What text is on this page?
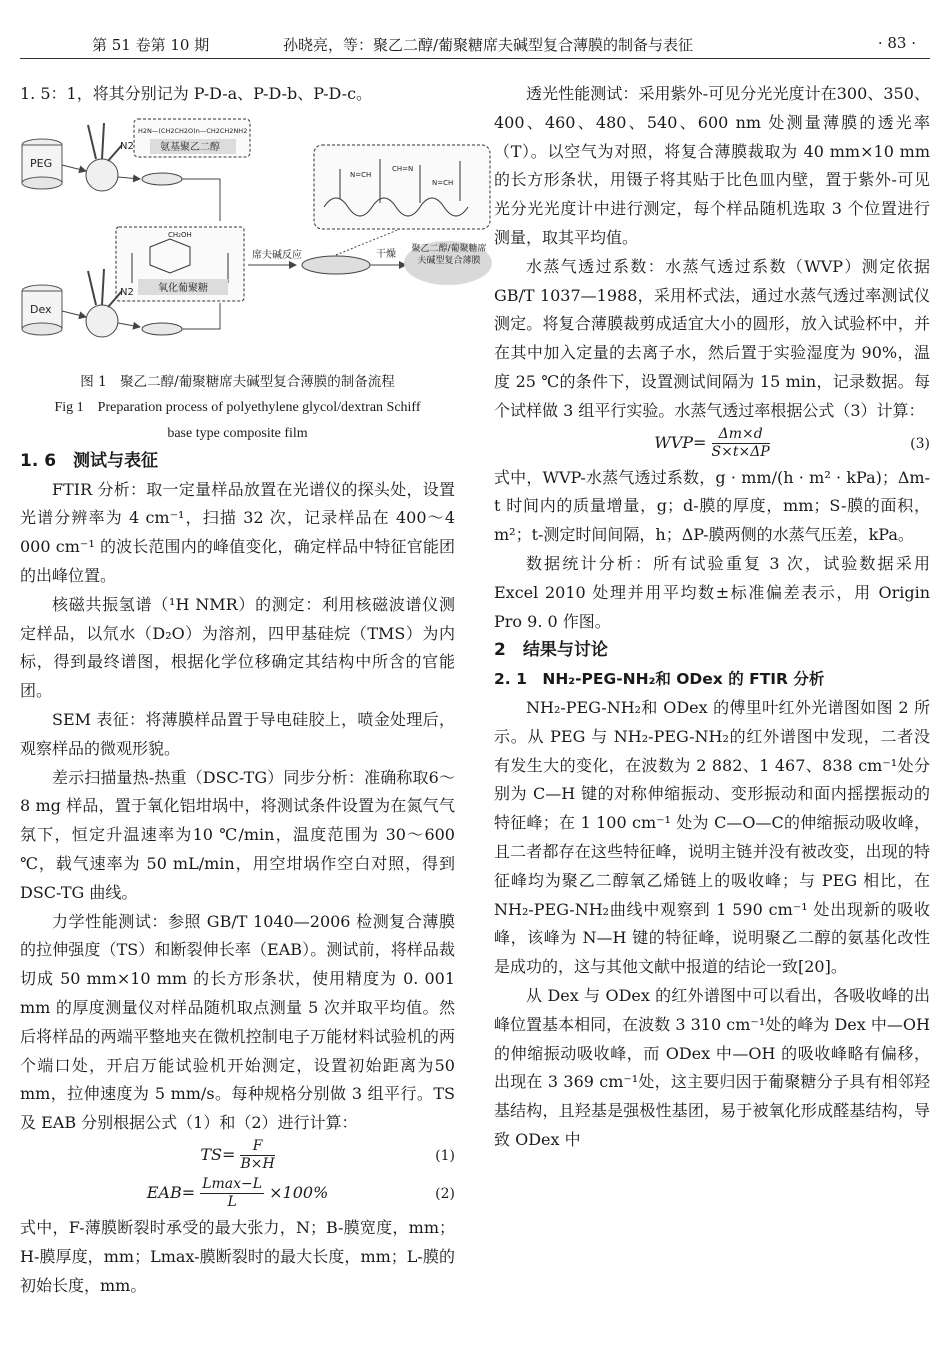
第 51 卷第 10 期	孙晓亮，等：聚乙二醇/葡聚糖席夫碱型复合薄膜的制备与表征	· 83 ·

1. 5：1，将其分别记为 P-D-a、P-D-b、P-D-c。

PEG
N2
H2N—(CH2CH2O)n—CH2CH2NH2
氨基聚乙二醇
席夫碱反应
CH₂OH
氧化葡聚糖
Dex
N2
干燥 聚乙二醇/葡聚糖席夫碱型复合薄膜
N=CH
CH=N
N=CH

图 1　聚乙二醇/葡聚糖席夫碱型复合薄膜的制备流程

Fig 1　Preparation process of polyethylene glycol/dextran Schiff

base type composite film

1. 6　测试与表征

FTIR 分析：取一定量样品放置在光谱仪的探头处，设置光谱分辨率为 4 cm⁻¹，扫描 32 次，记录样品在 400～4 000 cm⁻¹ 的波长范围内的峰值变化，确定样品中特征官能团的出峰位置。

核磁共振氢谱（¹H NMR）的测定：利用核磁波谱仪测定样品，以氘水（D₂O）为溶剂，四甲基硅烷（TMS）为内标，得到最终谱图，根据化学位移确定其结构中所含的官能团。

SEM 表征：将薄膜样品置于导电硅胶上，喷金处理后，观察样品的微观形貌。

差示扫描量热-热重（DSC-TG）同步分析：准确称取6～8 mg 样品，置于氧化铝坩埚中，将测试条件设置为在氮气气氛下，恒定升温速率为10 ℃/min，温度范围为 30～600 ℃，载气速率为 50 mL/min，用空坩埚作空白对照，得到 DSC-TG 曲线。

力学性能测试：参照 GB/T 1040—2006 检测复合薄膜的拉伸强度（TS）和断裂伸长率（EAB）。测试前，将样品裁切成 50 mm×10 mm 的长方形条状，使用精度为 0. 001 mm 的厚度测量仪对样品随机取点测量 5 次并取平均值。然后将样品的两端平整地夹在微机控制电子万能材料试验机的两个端口处，开启万能试验机开始测定，设置初始距离为50 mm，拉伸速度为 5 mm/s。每种规格分别做 3 组平行。TS 及 EAB 分别根据公式（1）和（2）进行计算：

$TS= \frac{F}{B\times H}$	(1)
EAB= Lmax−L
L	×100%	(2)

式中，F-薄膜断裂时承受的最大张力，N；B-膜宽度，mm；H-膜厚度，mm；Lmax-膜断裂时的最大长度，mm；L-膜的初始长度，mm。

透光性能测试：采用紫外-可见分光光度计在300、350、400、460、480、540、600 nm 处测量薄膜的透光率（T）。以空气为对照，将复合薄膜裁取为 40 mm×10 mm 的长方形条状，用镊子将其贴于比色皿内壁，置于紫外-可见光分光光度计中进行测定，每个样品随机选取 3 个位置进行测量，取其平均值。

水蒸气透过系数：水蒸气透过系数（WVP）测定依据 GB/T 1037—1988，采用杯式法，通过水蒸气透过率测试仪测定。将复合薄膜裁剪成适宜大小的圆形，放入试验杯中，并在其中加入定量的去离子水，然后置于实验湿度为 90%，温度 25 ℃的条件下，设置测试间隔为 15 min，记录数据。每个试样做 3 组平行实验。水蒸气透过率根据公式（3）计算：

$WVP= \frac{\Delta m\times d}{S\times t\times\Delta P}$	(3)

式中，WVP-水蒸气透过系数，g · mm/(h · m² · kPa)；Δm-t 时间内的质量增量，g；d-膜的厚度，mm；S-膜的面积，m²；t-测定时间间隔，h；ΔP-膜两侧的水蒸气压差，kPa。

数据统计分析：所有试验重复 3 次，试验数据采用 Excel 2010 处理并用平均数±标准偏差表示，用 Origin Pro 9. 0 作图。

2　结果与讨论

2. 1　NH₂-PEG-NH₂和 ODex 的 FTIR 分析

NH₂-PEG-NH₂和 ODex 的傅里叶红外光谱图如图 2 所示。从 PEG 与 NH₂-PEG-NH₂的红外谱图中发现，二者没有发生大的变化，在波数为 2 882、1 467、838 cm⁻¹处分别为 C—H 键的对称伸缩振动、变形振动和面内摇摆振动的特征峰；在 1 100 cm⁻¹ 处为 C—O—C的伸缩振动吸收峰，且二者都存在这些特征峰，说明主链并没有被改变，出现的特征峰均为聚乙二醇氧乙烯链上的吸收峰；与 PEG 相比，在 NH₂-PEG-NH₂曲线中观察到 1 590 cm⁻¹ 处出现新的吸收峰，该峰为 N—H 键的特征峰，说明聚乙二醇的氨基化改性是成功的，这与其他文献中报道的结论一致[20]。

从 Dex 与 ODex 的红外谱图中可以看出，各吸收峰的出峰位置基本相同，在波数 3 310 cm⁻¹处的峰为 Dex 中—OH 的伸缩振动吸收峰，而 ODex 中—OH 的吸收峰略有偏移，出现在 3 369 cm⁻¹处，这主要归因于葡聚糖分子具有相邻羟基结构，且羟基是强极性基团，易于被氧化形成醛基结构，导致 ODex 中
